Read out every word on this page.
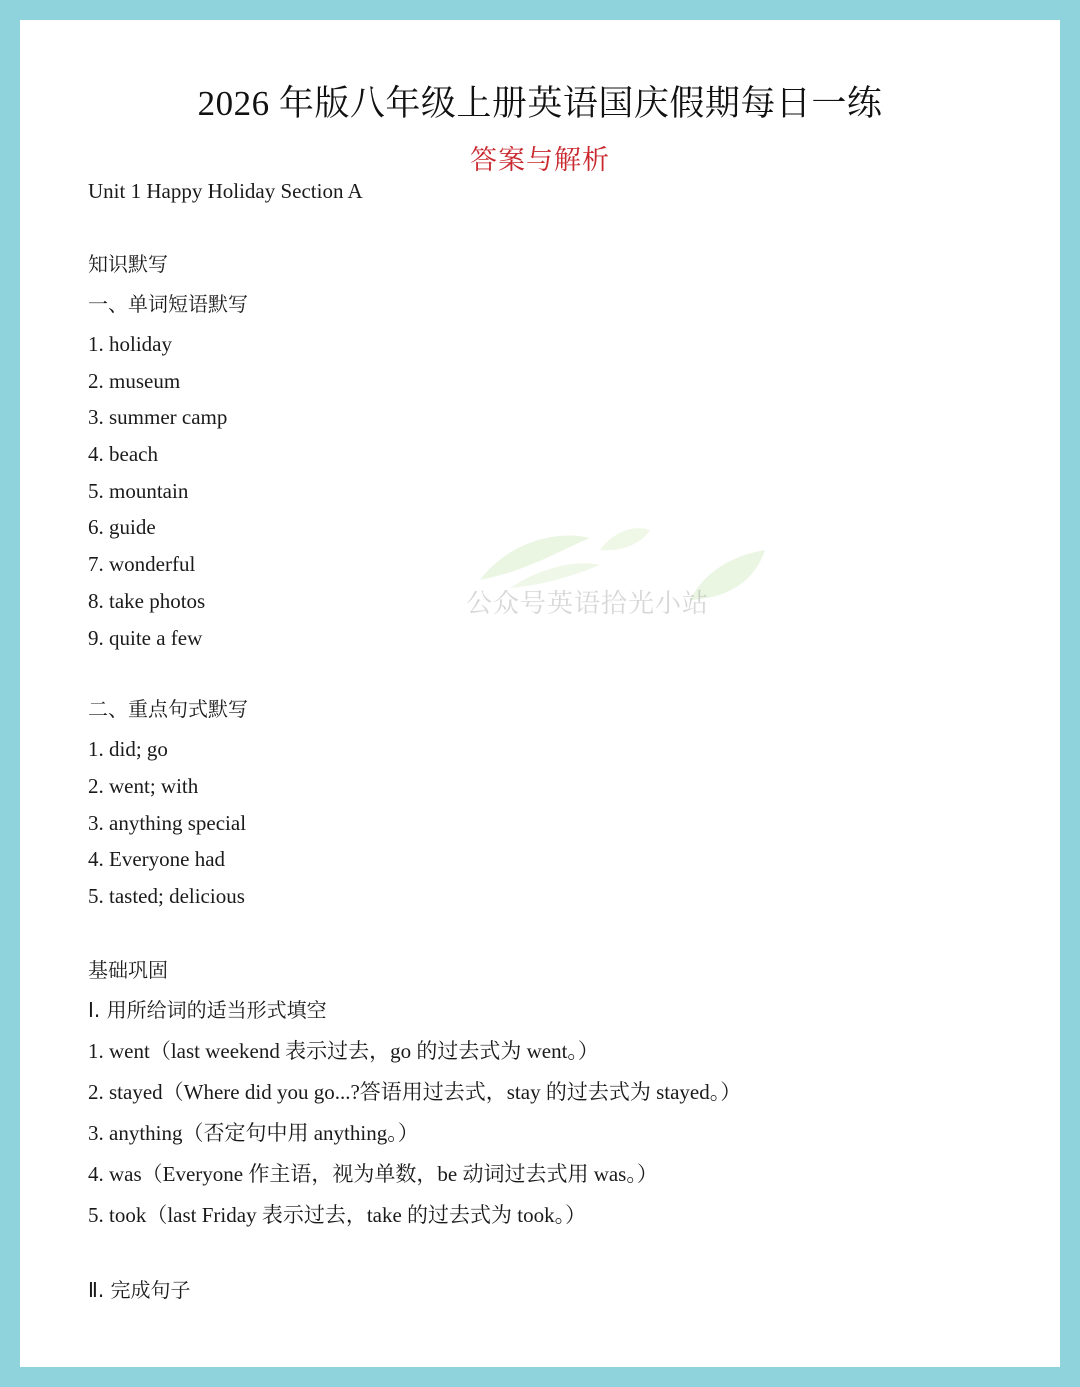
2026 年版八年级上册英语国庆假期每日一练
答案与解析
Unit 1 Happy Holiday Section A
公众号英语拾光小站
知识默写
一、单词短语默写
1. holiday
2. museum
3. summer camp
4. beach
5. mountain
6. guide
7. wonderful
8. take photos
9. quite a few
二、重点句式默写
1. did; go
2. went; with
3. anything special
4. Everyone had
5. tasted; delicious
基础巩固
Ⅰ. 用所给词的适当形式填空
1. went（last weekend 表示过去，go 的过去式为 went。）
2. stayed（Where did you go...?答语用过去式，stay 的过去式为 stayed。）
3. anything（否定句中用 anything。）
4. was（Everyone 作主语，视为单数，be 动词过去式用 was。）
5. took（last Friday 表示过去，take 的过去式为 took。）
Ⅱ. 完成句子
